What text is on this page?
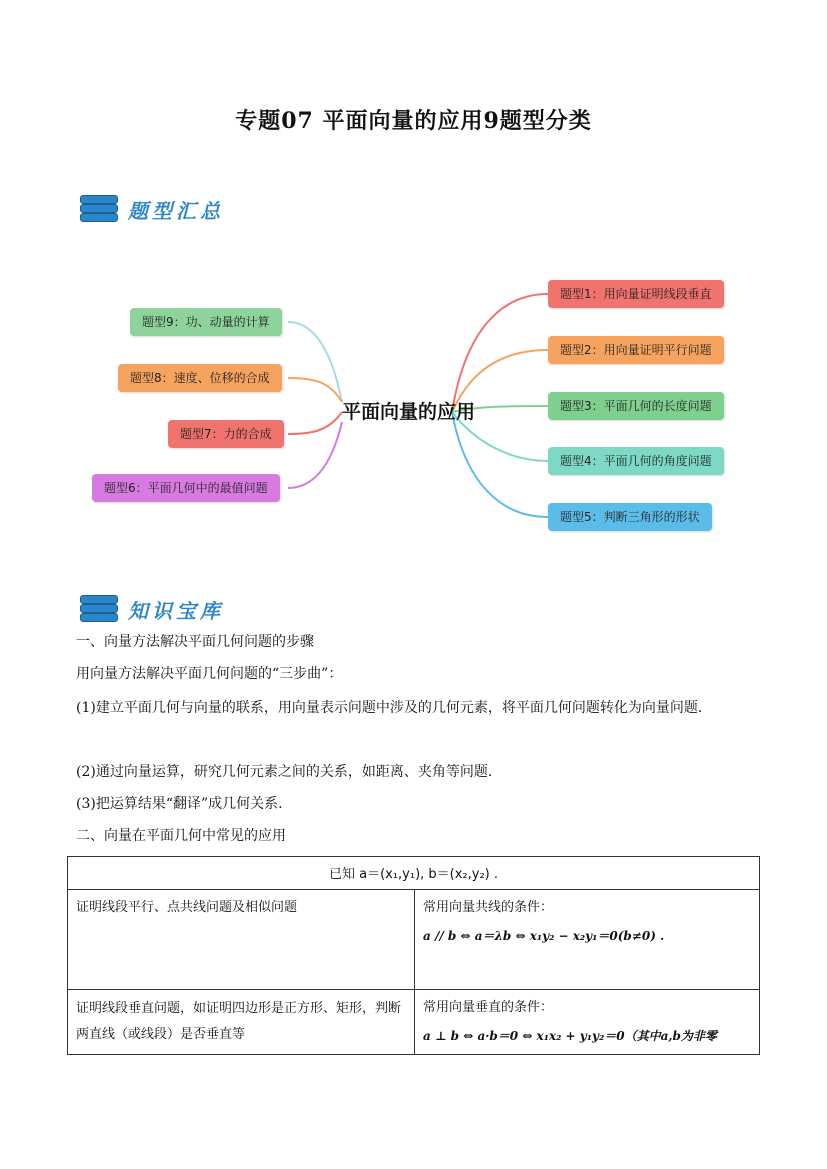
专题07 平面向量的应用9题型分类
题型汇总
平面向量的应用
题型1：用向量证明线段垂直
题型2：用向量证明平行问题
题型3：平面几何的长度问题
题型4：平面几何的角度问题
题型5：判断三角形的形状
题型9：功、动量的计算
题型8：速度、位移的合成
题型7：力的合成
题型6：平面几何中的最值问题
知识宝库
一、向量方法解决平面几何问题的步骤
用向量方法解决平面几何问题的“三步曲”：
(1)建立平面几何与向量的联系，用向量表示问题中涉及的几何元素，将平面几何问题转化为向量问题.
(2)通过向量运算，研究几何元素之间的关系，如距离、夹角等问题.
(3)把运算结果“翻译”成几何关系.
二、向量在平面几何中常见的应用
已知 a＝(x₁,y₁), b＝(x₂,y₂) .	
证明线段平行、点共线问题及相似问题	常用向量共线的条件：
a // b ⇔ a＝λb ⇔ x₁y₂ − x₂y₁＝0(b≠0) .

证明线段垂直问题，如证明四边形是正方形、矩形，判断两直线（或线段）是否垂直等	常用向量垂直的条件：
a ⊥ b ⇔ a·b＝0 ⇔ x₁x₂ + y₁y₂＝0（其中a,b为非零
